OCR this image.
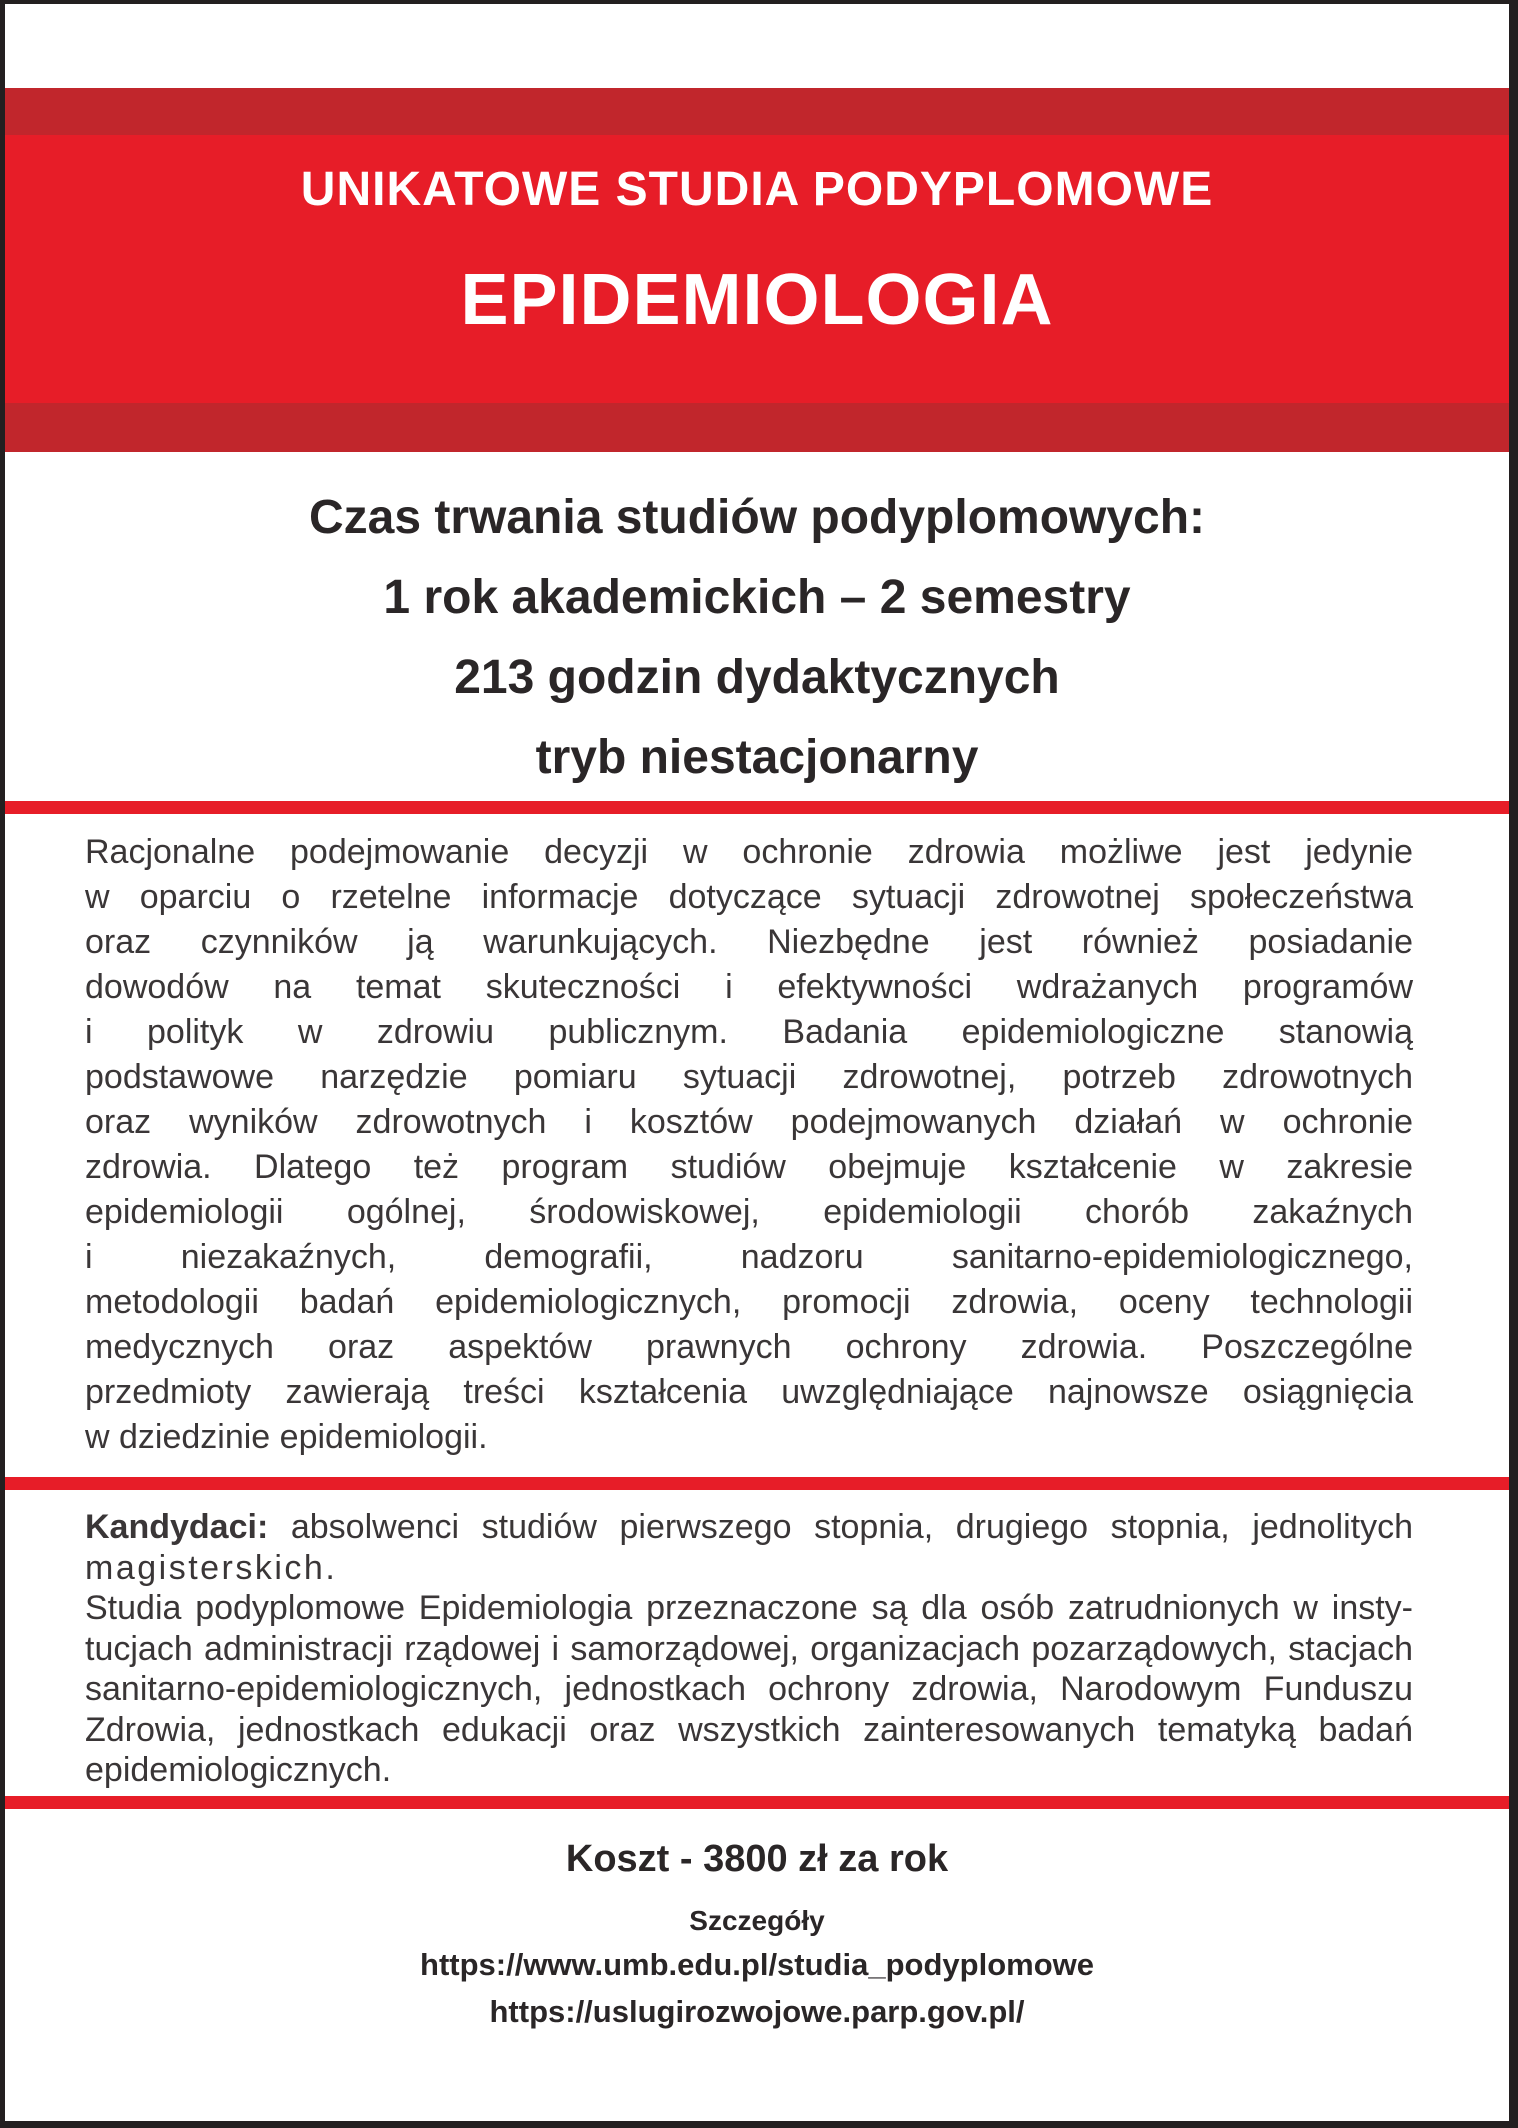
UNIKATOWE STUDIA PODYPLOMOWE
EPIDEMIOLOGIA
Czas trwania studiów podyplomowych:
1 rok akademickich – 2 semestry
213 godzin dydaktycznych
tryb niestacjonarny
Racjonalne podejmowanie decyzji w ochronie zdrowia możliwe jest jedynie
w oparciu o rzetelne informacje dotyczące sytuacji zdrowotnej społeczeństwa
oraz czynników ją warunkujących. Niezbędne jest również posiadanie
dowodów na temat skuteczności i efektywności wdrażanych programów
i polityk w zdrowiu publicznym. Badania epidemiologiczne stanowią
podstawowe narzędzie pomiaru sytuacji zdrowotnej, potrzeb zdrowotnych
oraz wyników zdrowotnych i kosztów podejmowanych działań w ochronie
zdrowia. Dlatego też program studiów obejmuje kształcenie w zakresie
epidemiologii ogólnej, środowiskowej, epidemiologii chorób zakaźnych
i niezakaźnych, demografii, nadzoru sanitarno-epidemiologicznego,
metodologii badań epidemiologicznych, promocji zdrowia, oceny technologii
medycznych oraz aspektów prawnych ochrony zdrowia. Poszczególne
przedmioty zawierają treści kształcenia uwzględniające najnowsze osiągnięcia
w dziedzinie epidemiologii.
Kandydaci: absolwenci studiów pierwszego stopnia, drugiego stopnia, jednolitych
magisterskich.
Studia podyplomowe Epidemiologia przeznaczone są dla osób zatrudnionych w insty-
tucjach administracji rządowej i samorządowej, organizacjach pozarządowych, stacjach
sanitarno-epidemiologicznych, jednostkach ochrony zdrowia, Narodowym Funduszu
Zdrowia, jednostkach edukacji oraz wszystkich zainteresowanych tematyką badań
epidemiologicznych.
Koszt - 3800 zł za rok
Szczegóły
https://www.umb.edu.pl/studia_podyplomowe
https://uslugirozwojowe.parp.gov.pl/
